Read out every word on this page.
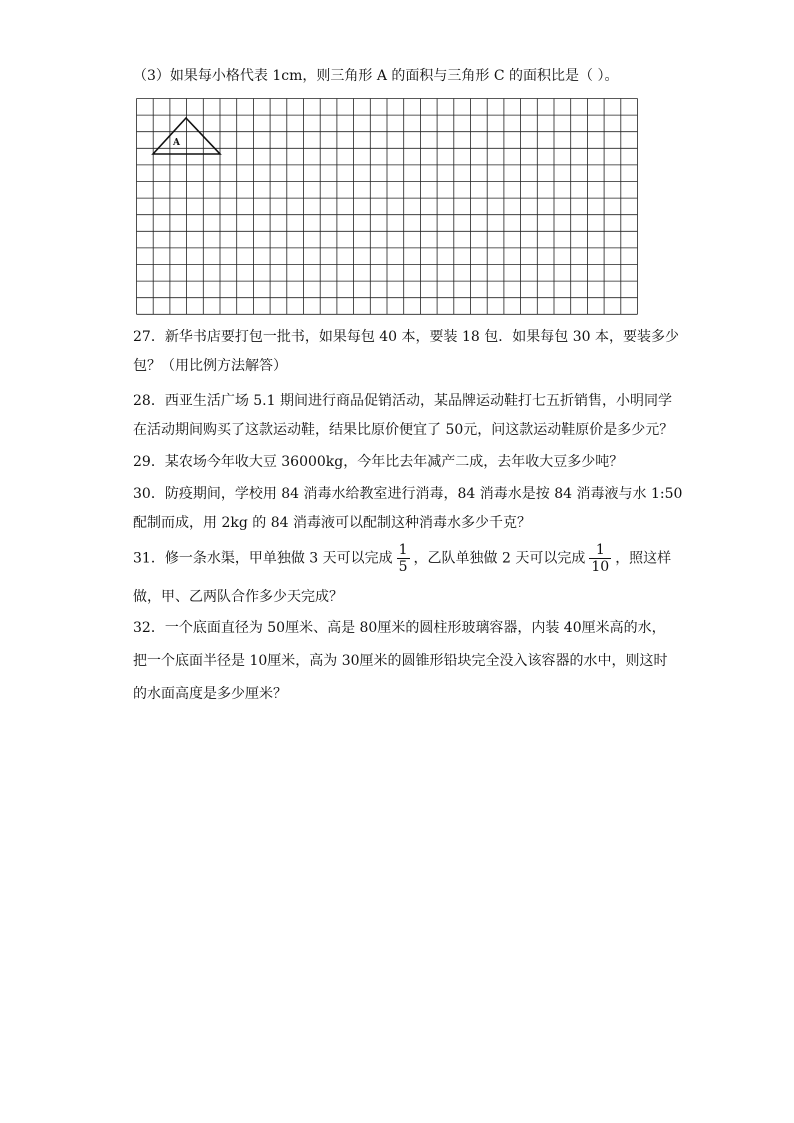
（3）如果每小格代表 1cm，则三角形 A 的面积与三角形 C 的面积比是（ ）。
A
27．新华书店要打包一批书，如果每包 40 本，要装 18 包．如果每包 30 本，要装多少
包？（用比例方法解答）
28．西亚生活广场 5.1 期间进行商品促销活动，某品牌运动鞋打七五折销售，小明同学
在活动期间购买了这款运动鞋，结果比原价便宜了 50元，问这款运动鞋原价是多少元？
29．某农场今年收大豆 36000kg，今年比去年减产二成，去年收大豆多少吨？
30．防疫期间，学校用 84 消毒水给教室进行消毒，84 消毒水是按 84 消毒液与水 1:50
配制而成，用 2kg 的 84 消毒液可以配制这种消毒水多少千克？
31．修一条水渠，甲单独做 3 天可以完成 $\frac{1}{5}$ ，乙队单独做 2 天可以完成 $\frac{1}{10}$ ，照这样
做，甲、乙两队合作多少天完成？
32．一个底面直径为 50厘米、高是 80厘米的圆柱形玻璃容器，内装 40厘米高的水，
把一个底面半径是 10厘米，高为 30厘米的圆锥形铅块完全没入该容器的水中，则这时
的水面高度是多少厘米？
